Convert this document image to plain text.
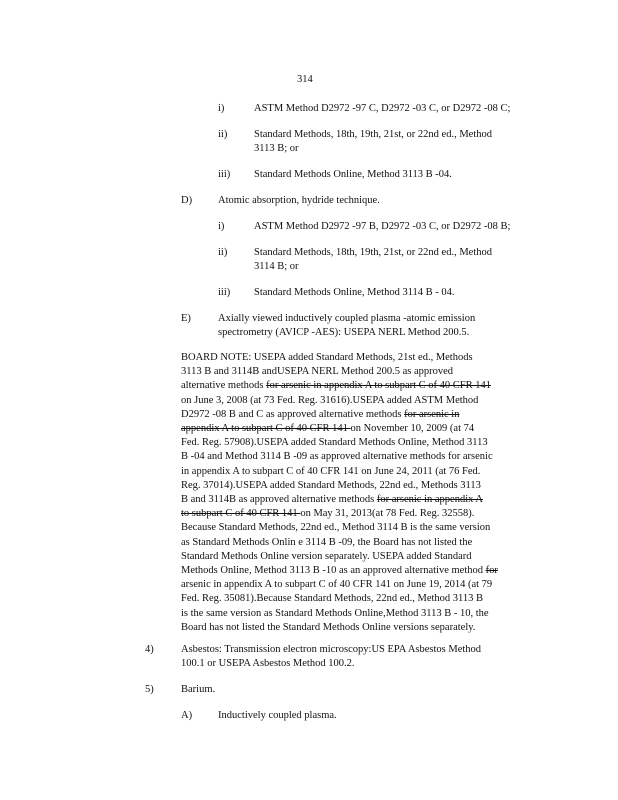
314
i)	ASTM Method D2972 -97 C, D2972 -03 C, or D2972 -08 C;
ii)	Standard Methods, 18th, 19th, 21st, or 22nd ed., Method
3113 B; or
iii) Standard Methods Online, Method 3113 B -04.
D) Atomic absorption, hydride technique.
i)	ASTM Method D2972 -97 B, D2972 -03 C, or D2972 -08 B;
ii)	Standard Methods, 18th, 19th, 21st, or 22nd ed., Method
3114 B; or
iii) Standard Methods Online, Method 3114 B - 04.
E)	Axially viewed inductively coupled plasma -atomic emission
spectrometry (AVICP -AES): USEPA NERL Method 200.5.
BOARD NOTE: USEPA added Standard Methods, 21st ed., Methods
3113 B and 3114B andUSEPA NERL Method 200.5 as approved
alternative methods for arsenic in appendix A to subpart C of 40 CFR 141
on June 3, 2008 (at 73 Fed. Reg. 31616).USEPA added ASTM Method
D2972 -08 B and C as approved alternative methods for arsenic in
appendix A to subpart C of 40 CFR 141 on November 10, 2009 (at 74
Fed. Reg. 57908).USEPA added Standard Methods Online, Method 3113
B -04 and Method 3114 B -09 as approved alternative methods for arsenic
in appendix A to subpart C of 40 CFR 141 on June 24, 2011 (at 76 Fed.
Reg. 37014).USEPA added Standard Methods, 22nd ed., Methods 3113
B and 3114B as approved alternative methods for arsenic in appendix A
to subpart C of 40 CFR 141 on May 31, 2013(at 78 Fed. Reg. 32558).
Because Standard Methods, 22nd ed., Method 3114 B is the same version
as Standard Methods Onlin e 3114 B -09, the Board has not listed the
Standard Methods Online version separately. USEPA added Standard
Methods Online, Method 3113 B -10 as an approved alternative method for
arsenic in appendix A to subpart C of 40 CFR 141 on June 19, 2014 (at 79
Fed. Reg. 35081).Because Standard Methods, 22nd ed., Method 3113 B
is the same version as Standard Methods Online,Method 3113 B - 10, the
Board has not listed the Standard Methods Online versions separately.
4)	Asbestos: Transmission electron microscopy:US EPA Asbestos Method
100.1 or USEPA Asbestos Method 100.2.
5)	Barium.
A) Inductively coupled plasma.
